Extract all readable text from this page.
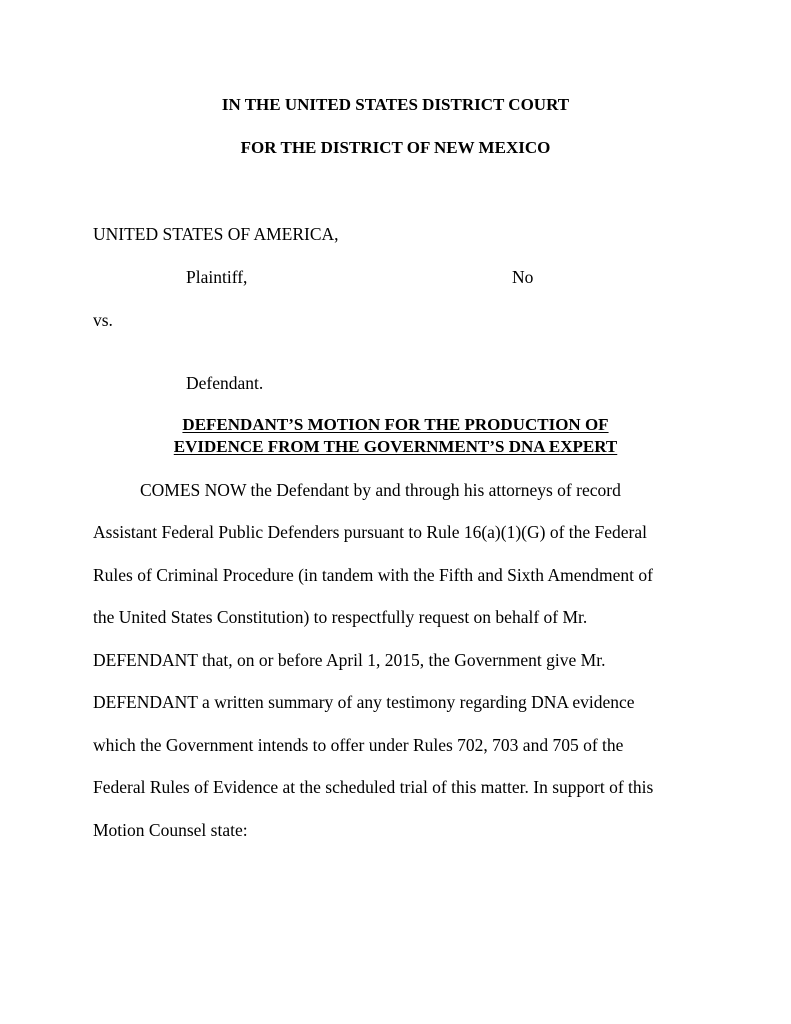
IN THE UNITED STATES DISTRICT COURT
FOR THE DISTRICT OF NEW MEXICO
UNITED STATES OF AMERICA,
Plaintiff,	No
vs.
Defendant.
DEFENDANT’S MOTION FOR THE PRODUCTION OF
EVIDENCE FROM THE GOVERNMENT’S DNA EXPERT
COMES NOW the Defendant by and through his attorneys of record
Assistant Federal Public Defenders pursuant to Rule 16(a)(1)(G) of the Federal
Rules of Criminal Procedure (in tandem with the Fifth and Sixth Amendment of
the United States Constitution) to respectfully request on behalf of Mr.
DEFENDANT that, on or before April 1, 2015, the Government give Mr.
DEFENDANT a written summary of any testimony regarding DNA evidence
which the Government intends to offer under Rules 702, 703 and 705 of the
Federal Rules of Evidence at the scheduled trial of this matter. In support of this
Motion Counsel state:
